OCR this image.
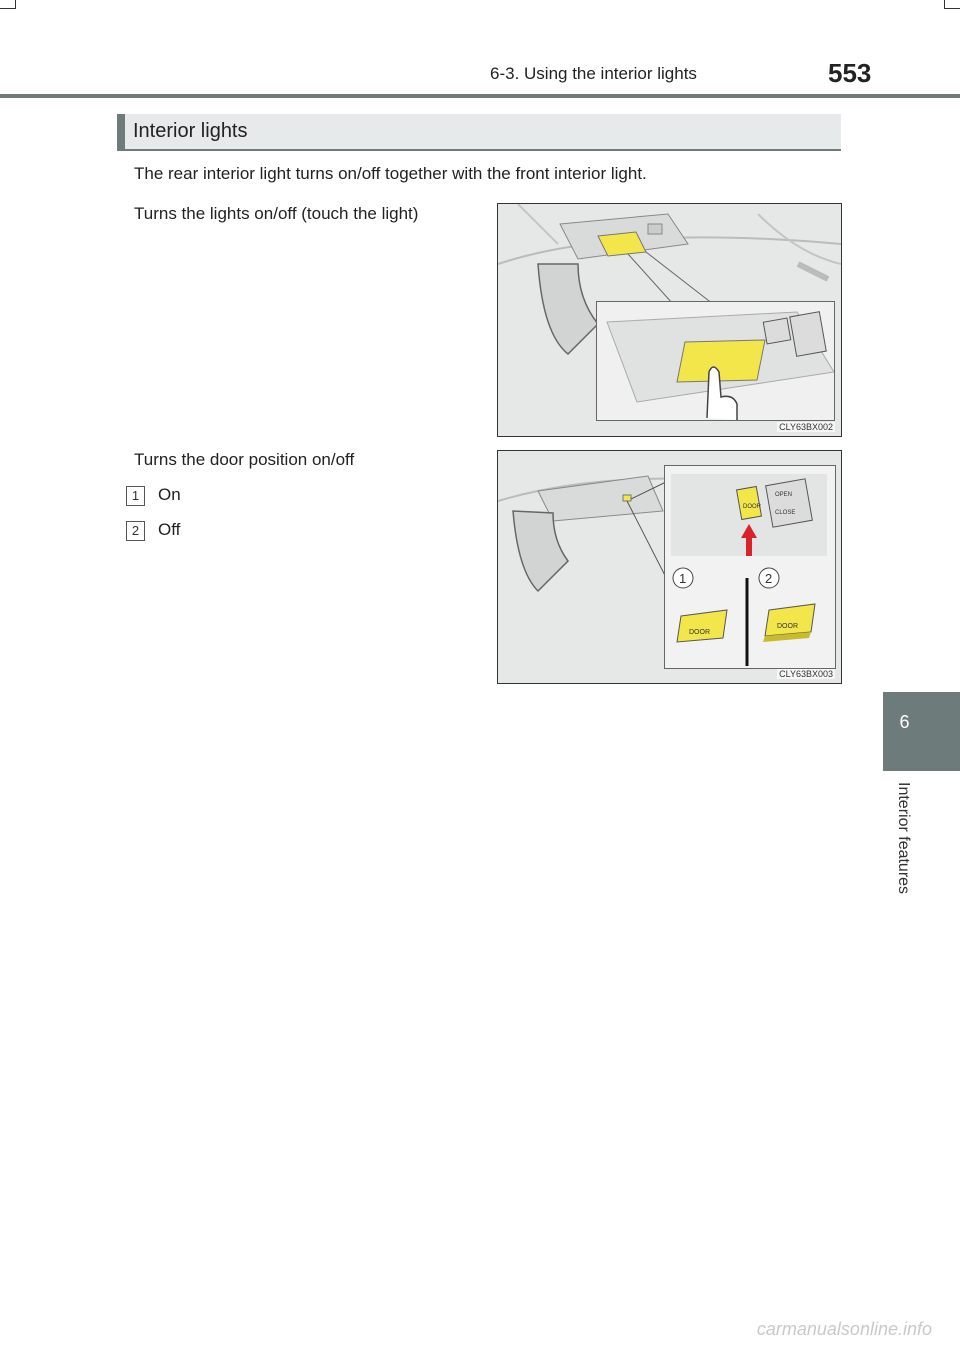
6-3. Using the interior lights	553
6
Interior features
Interior lights
The rear interior light turns on/off together with the front interior light.
Turns the lights on/off (touch the light)
CLY63BX002
Turns the door position on/off
1	On
2	Off
DOOR
OPEN
CLOSE
1	2
DOOR
DOOR
CLY63BX003
carmanualsonline.info
